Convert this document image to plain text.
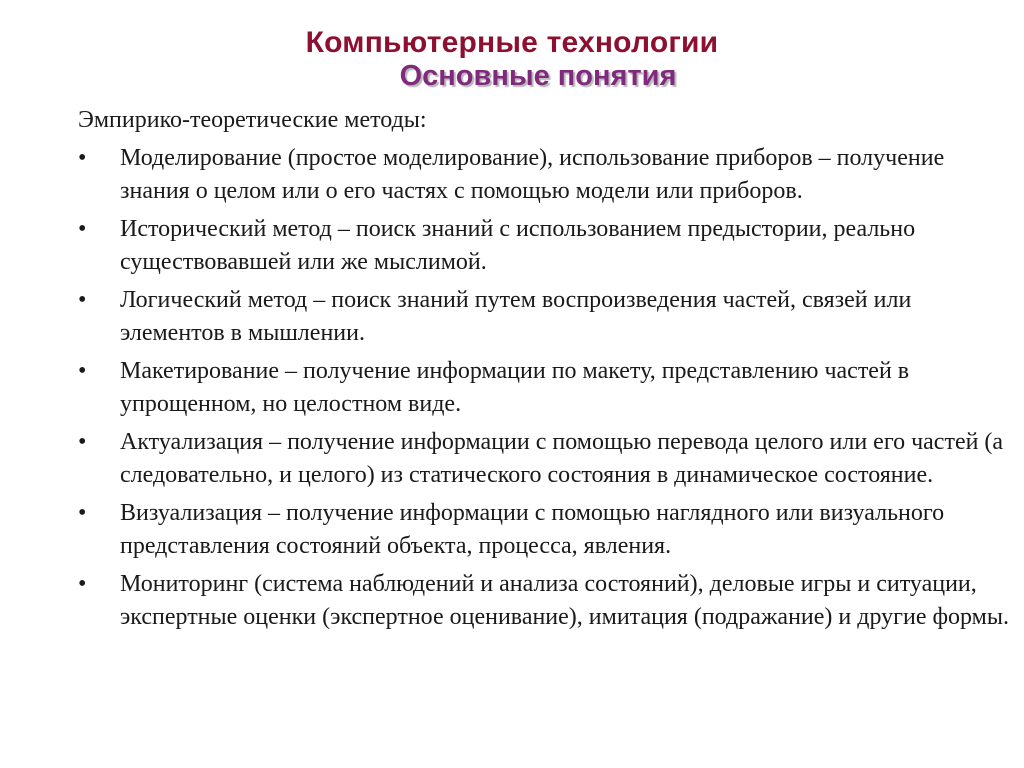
Компьютерные технологии
Основные понятия

Эмпирико-теоретические методы:

• Моделирование (простое моделирование), использование приборов – получение знания о целом или о его частях с помощью модели или приборов.
• Исторический метод – поиск знаний с использованием предыстории, реально существовавшей или же мыслимой.
• Логический метод – поиск знаний путем воспроизведения частей, связей или элементов в мышлении.
• Макетирование – получение информации по макету, представлению частей в упрощенном, но целостном виде.
• Актуализация – получение информации с помощью перевода целого или его частей (а следовательно, и целого) из статического состояния в динамическое состояние.
• Визуализация – получение информации с помощью наглядного или визуального представления состояний объекта, процесса, явления.
• Мониторинг (система наблюдений и анализа состояний), деловые игры и ситуации, экспертные оценки (экспертное оценивание), имитация (подражание) и другие формы.
